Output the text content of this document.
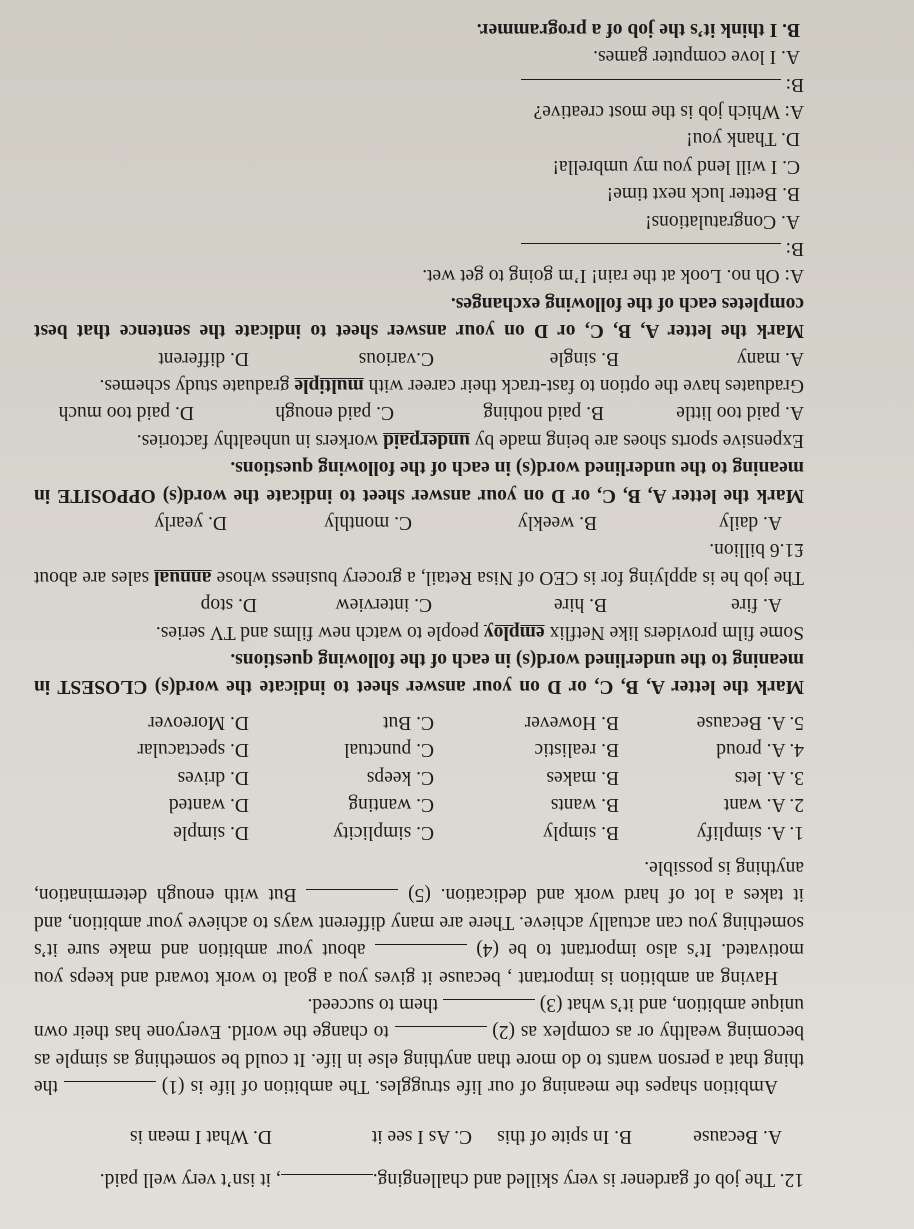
12. The job of gardener is very skilled and challenging., it isn’t very well paid.
A. Because
B. In spite of this
C. As I see it
D. What I mean is
Ambition shapes the meaning of our life struggles. The ambition of life is (1)  the thing that a person wants to do more than anything else in life. It could be something as simple as becoming wealthy or as complex as (2)  to change the world. Everyone has their own unique ambition, and it’s what (3)  them to succeed.
Having an ambition is important , because it gives you a goal to work toward and keeps you motivated. It’s also important to be (4)  about your ambition and make sure it’s something you can actually achieve. There are many different ways to achieve your ambition, and it takes a lot of hard work and dedication. (5)  But with enough determination, anything is possible.
1. A. simplify
B. simply
C. simplicity
D. simple
2. A. want
B. wants
C. wanting
D. wanted
3. A. lets
B. makes
C. keeps
D. drives
4. A. proud
B. realistic
C. punctual
D. spectacular
5. A. Because
B. However
C. But
D. Moreover
Mark the letter A, B, C, or D on your answer sheet to indicate the word(s) CLOSEST in meaning to the underlined word(s) in each of the following questions.
Some film providers like Netflix employ people to watch new films and TV series.
A. fire
B. hire
C. interview
D. stop
The job he is applying for is CEO of Nisa Retail, a grocery business whose annual sales are about £1.6 billion.
A. daily
B. weekly
C. monthly
D. yearly
Mark the letter A, B, C, or D on your answer sheet to indicate the word(s) OPPOSITE in meaning to the underlined word(s) in each of the following questions.
Expensive sports shoes are being made by underpaid workers in unhealthy factories.
A. paid too little
B. paid nothing
C. paid enough
D. paid too much
Graduates have the option to fast-track their career with multiple graduate study schemes.
A. many
B. single
C.various
D. different
Mark the letter A, B, C, or D on your answer sheet to indicate the sentence that best completes each of the following exchanges.
A: Oh no. Look at the rain! I’m going to get wet.
B:
A. Congratulations!
B. Better luck next time!
C. I will lend you my umbrella!
D. Thank you!
A: Which job is the most creative?
B:
A. I love computer games.
B. I think it’s the job of a programmer.
